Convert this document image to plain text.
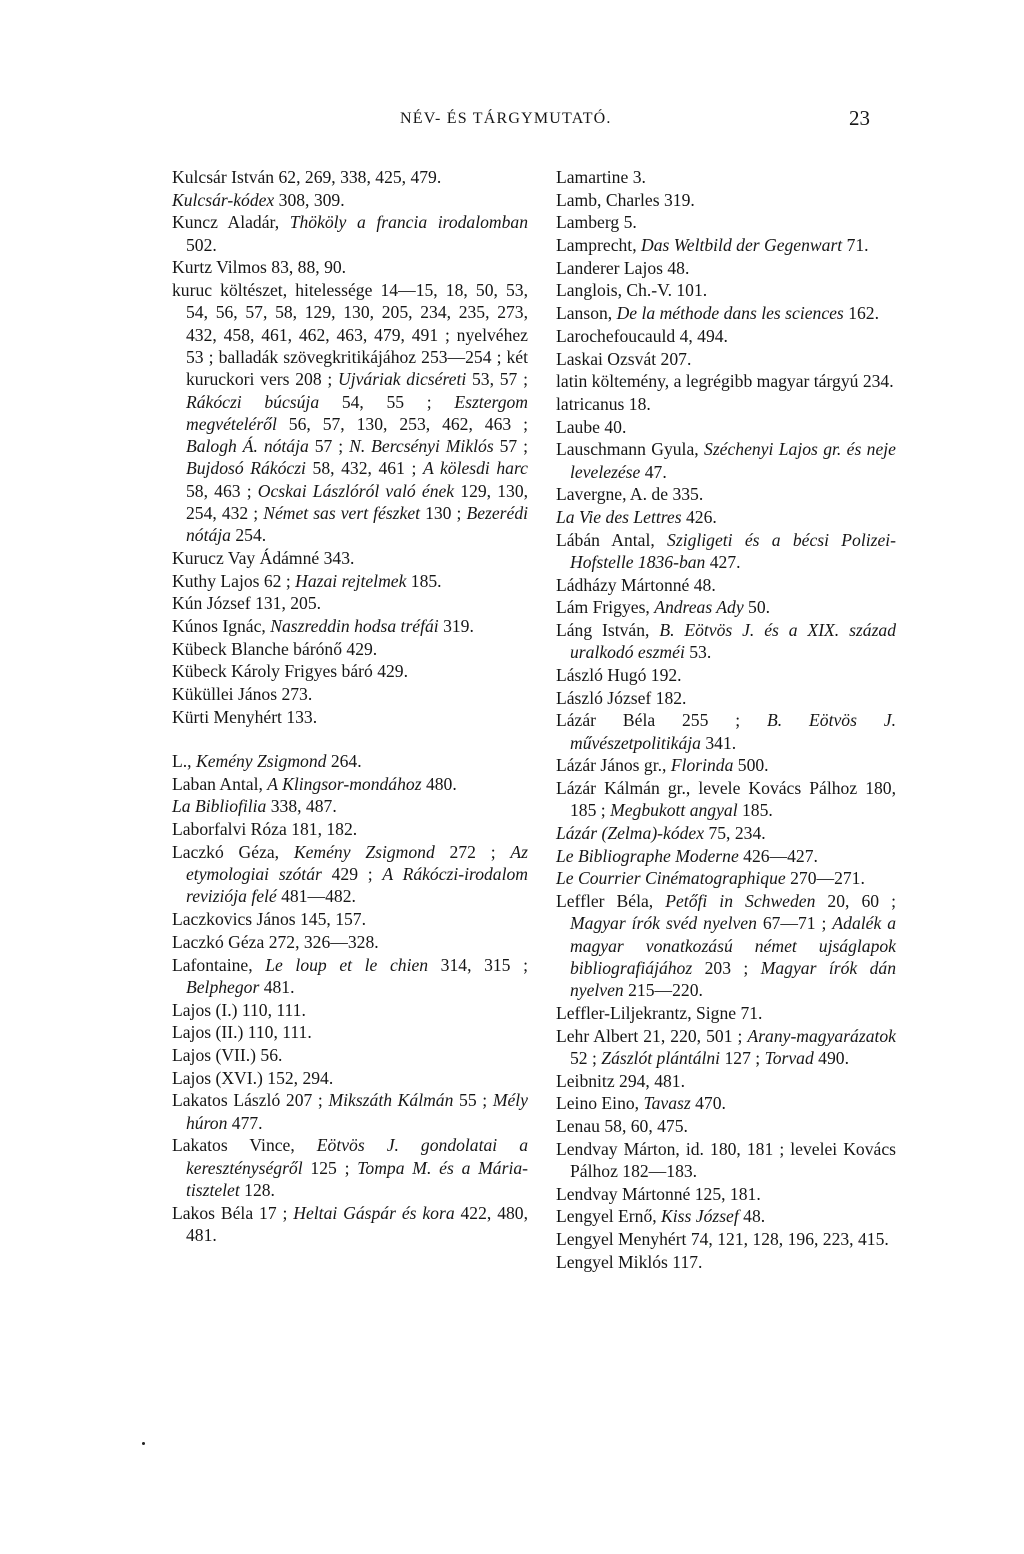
NÉV- ÉS TÁRGYMUTATÓ.	23

Kulcsár István 62, 269, 338, 425, 479.

Kulcsár-kódex 308, 309.

Kuncz Aladár, Thököly a francia irodalomban 502.

Kurtz Vilmos 83, 88, 90.

kuruc költészet, hitelessége 14—15, 18, 50, 53, 54, 56, 57, 58, 129, 130, 205, 234, 235, 273, 432, 458, 461, 462, 463, 479, 491 ; nyelvéhez 53 ; balladák szövegkritikájához 253—254 ; két kuruckori vers 208 ; Ujváriak dicséreti 53, 57 ; Rákóczi búcsúja 54, 55 ; Esztergom megvételéről 56, 57, 130, 253, 462, 463 ; Balogh Á. nótája 57 ; N. Bercsényi Miklós 57 ; Bujdosó Rákóczi 58, 432, 461 ; A kölesdi harc 58, 463 ; Ocskai Lászlóról való ének 129, 130, 254, 432 ; Német sas vert fészket 130 ; Bezerédi nótája 254.

Kurucz Vay Ádámné 343.

Kuthy Lajos 62 ; Hazai rejtelmek 185.

Kún József 131, 205.

Kúnos Ignác, Naszreddin hodsa tréfái 319.

Kübeck Blanche bárónő 429.

Kübeck Károly Frigyes báró 429.

Küküllei János 273.

Kürti Menyhért 133.

L., Kemény Zsigmond 264.

Laban Antal, A Klingsor-mondához 480.

La Bibliofilia 338, 487.

Laborfalvi Róza 181, 182.

Laczkó Géza, Kemény Zsigmond 272 ; Az etymologiai szótár 429 ; A Rákóczi-irodalom reviziója felé 481—482.

Laczkovics János 145, 157.

Laczkó Géza 272, 326—328.

Lafontaine, Le loup et le chien 314, 315 ; Belphegor 481.

Lajos (I.) 110, 111.

Lajos (II.) 110, 111.

Lajos (VII.) 56.

Lajos (XVI.) 152, 294.

Lakatos László 207 ; Mikszáth Kálmán 55 ; Mély húron 477.

Lakatos Vince, Eötvös J. gondolatai a kereszténységről 125 ; Tompa M. és a Mária-tisztelet 128.

Lakos Béla 17 ; Heltai Gáspár és kora 422, 480, 481.

Lamartine 3.

Lamb, Charles 319.

Lamberg 5.

Lamprecht, Das Weltbild der Gegenwart 71.

Landerer Lajos 48.

Langlois, Ch.-V. 101.

Lanson, De la méthode dans les sciences 162.

Larochefoucauld 4, 494.

Laskai Ozsvát 207.

latin költemény, a legrégibb magyar tárgyú 234.

latricanus 18.

Laube 40.

Lauschmann Gyula, Széchenyi Lajos gr. és neje levelezése 47.

Lavergne, A. de 335.

La Vie des Lettres 426.

Lábán Antal, Szigligeti és a bécsi Polizei-Hofstelle 1836-ban 427.

Ládházy Mártonné 48.

Lám Frigyes, Andreas Ady 50.

Láng István, B. Eötvös J. és a XIX. század uralkodó eszméi 53.

László Hugó 192.

László József 182.

Lázár Béla 255 ; B. Eötvös J. művészetpolitikája 341.

Lázár János gr., Florinda 500.

Lázár Kálmán gr., levele Kovács Pálhoz 180, 185 ; Megbukott angyal 185.

Lázár (Zelma)-kódex 75, 234.

Le Bibliographe Moderne 426—427.

Le Courrier Cinématographique 270—271.

Leffler Béla, Petőfi in Schweden 20, 60 ; Magyar írók svéd nyelven 67—71 ; Adalék a magyar vonatkozású német ujságlapok bibliografiájához 203 ; Magyar írók dán nyelven 215—220.

Leffler-Liljekrantz, Signe 71.

Lehr Albert 21, 220, 501 ; Arany-magyarázatok 52 ; Zászlót plántálni 127 ; Torvad 490.

Leibnitz 294, 481.

Leino Eino, Tavasz 470.

Lenau 58, 60, 475.

Lendvay Márton, id. 180, 181 ; levelei Kovács Pálhoz 182—183.

Lendvay Mártonné 125, 181.

Lengyel Ernő, Kiss József 48.

Lengyel Menyhért 74, 121, 128, 196, 223, 415.

Lengyel Miklós 117.
